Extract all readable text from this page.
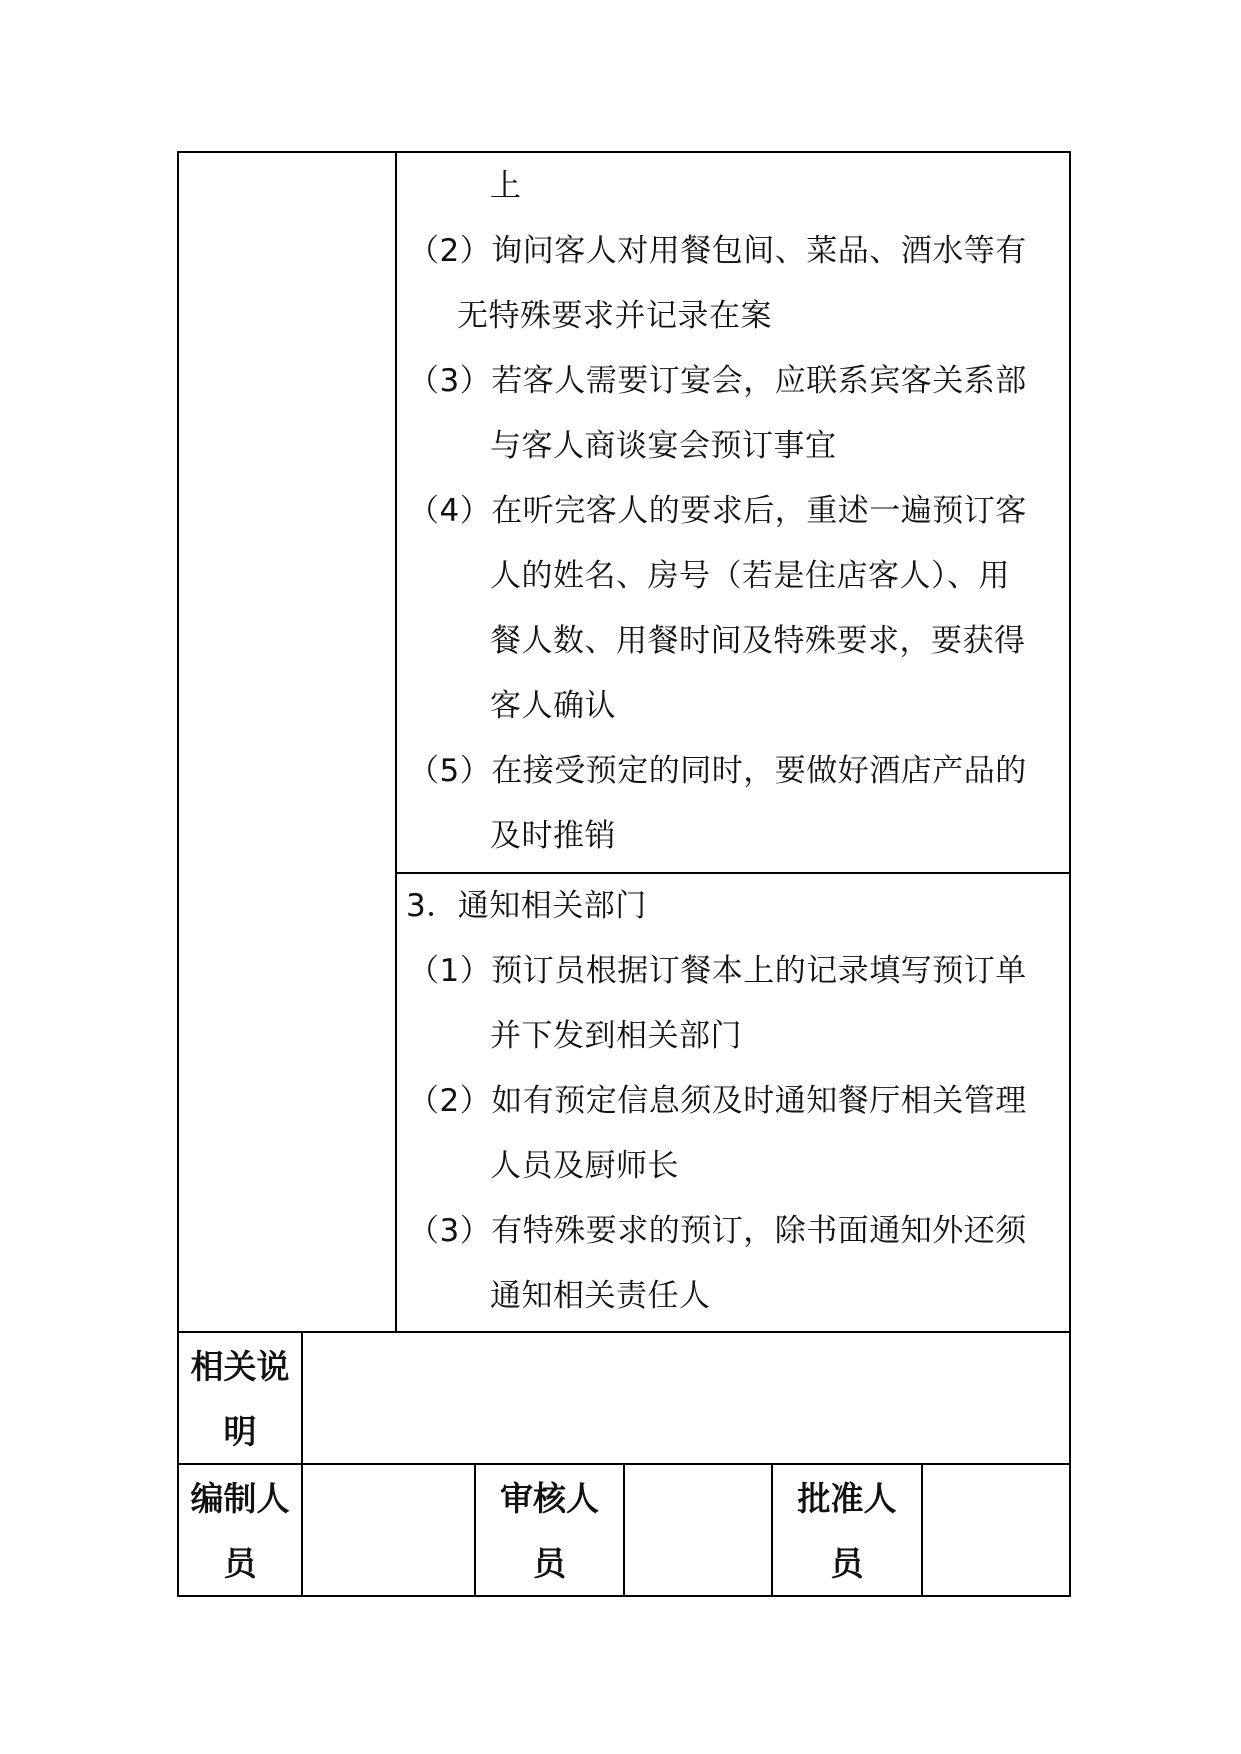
上
（2）询问客人对用餐包间、菜品、酒水等有
无特殊要求并记录在案
（3）若客人需要订宴会，应联系宾客关系部
与客人商谈宴会预订事宜
（4）在听完客人的要求后，重述一遍预订客
人的姓名、房号（若是住店客人）、用
餐人数、用餐时间及特殊要求，要获得
客人确认
（5）在接受预定的同时，要做好酒店产品的
及时推销
3．通知相关部门
（1）预订员根据订餐本上的记录填写预订单
并下发到相关部门
（2）如有预定信息须及时通知餐厅相关管理
人员及厨师长
（3）有特殊要求的预订，除书面通知外还须
通知相关责任人
相关说
明
编制人
员
审核人
员
批准人
员
